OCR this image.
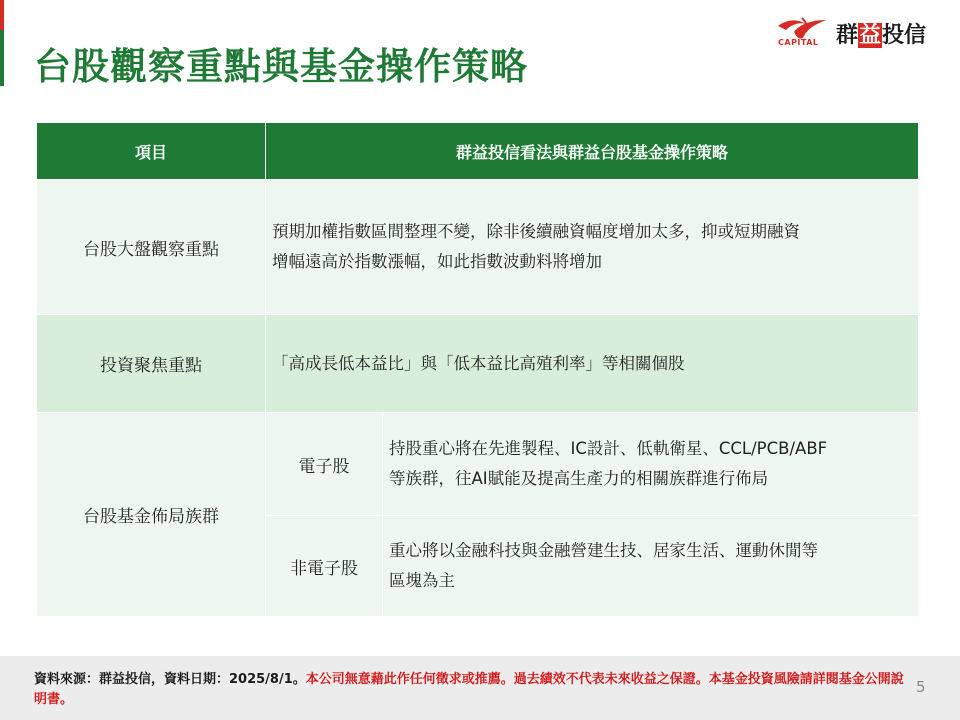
台股觀察重點與基金操作策略
CAPITAL 群益投信
項目	群益投信看法與群益台股基金操作策略	
台股大盤觀察重點	預期加權指數區間整理不變，除非後續融資幅度增加太多，抑或短期融資
增幅遠高於指數漲幅，如此指數波動料將增加	

投資聚焦重點	「高成長低本益比」與「低本益比高殖利率」等相關個股	
台股基金佈局族群	電子股	持股重心將在先進製程、IC設計、低軌衛星、CCL/PCB/ABF
等族群，往AI賦能及提高生產力的相關族群進行佈局

	非電子股	重心將以金融科技與金融營建生技、居家生活、運動休閒等
區塊為主
資料來源：群益投信，資料日期：2025/8/1。本公司無意藉此作任何徵求或推薦。過去績效不代表未來收益之保證。本基金投資風險請詳閱基金公開說明書。
5
